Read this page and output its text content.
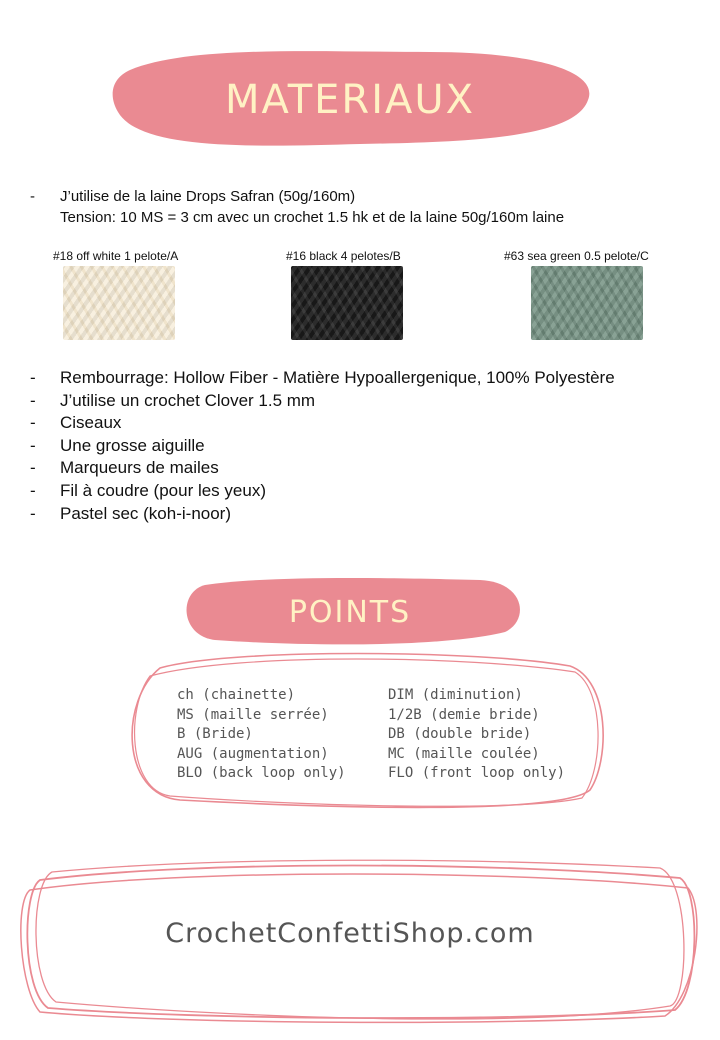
MATERIAUX
- J’utilise de la laine Drops Safran (50g/160m)
Tension: 10 MS = 3 cm avec un crochet 1.5 hk et de la laine 50g/160m laine
#18 off white 1 pelote/A	#16 black 4 pelotes/B	#63 sea green 0.5 pelote/C
- Rembourrage: Hollow Fiber - Matière Hypoallergenique, 100% Polyestère
- J’utilise un crochet Clover 1.5 mm
- Ciseaux
- Une grosse aiguille
- Marqueurs de mailes
- Fil à coudre (pour les yeux)
- Pastel sec (koh-i-noor)
POINTS
ch (chainette)
MS (maille serrée)
B (Bride)
AUG (augmentation)
BLO (back loop only)
DIM (diminution)
1/2B (demie bride)
DB (double bride)
MC (maille coulée)
FLO (front loop only)
CrochetConfettiShop.com
